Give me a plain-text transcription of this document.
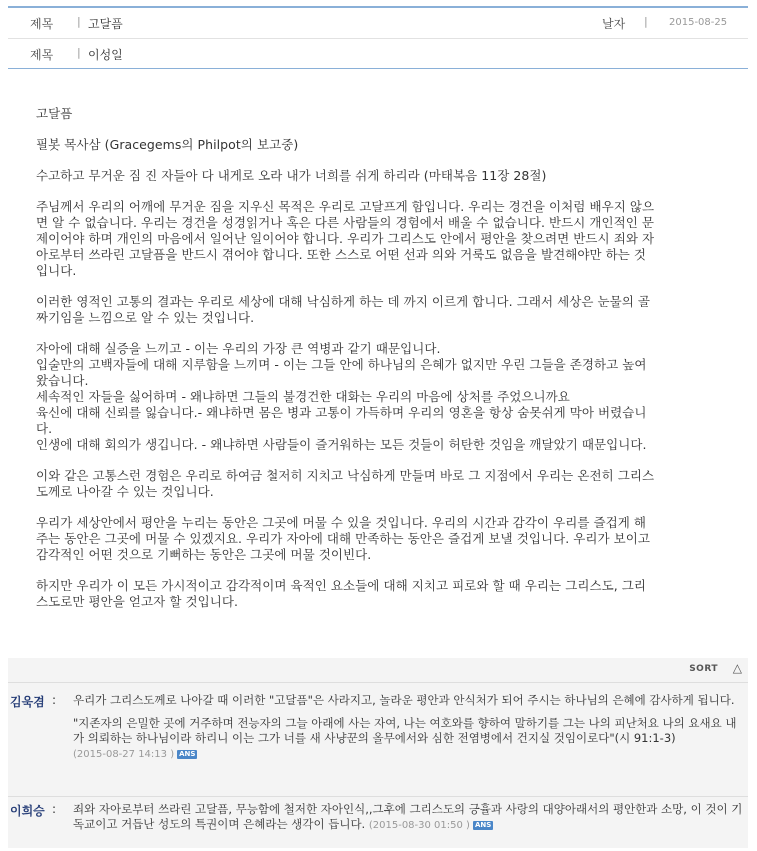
제목 | 고달픔	날자 | 2015-08-25
제목 | 이성일

고달픔

필봇 목사삼 (Gracegems의 Philpot의 보고중)

수고하고 무거운 짐 진 자들아 다 내게로 오라 내가 너희를 쉬게 하리라 (마태복음 11장 28절)

주님께서 우리의 어깨에 무거운 짐을 지우신 목적은 우리로 고달프게 함입니다. 우리는 경건을 이처럼 배우지 않으
면 알 수 없습니다. 우리는 경건을 성경읽거나 혹은 다른 사람들의 경험에서 배울 수 없습니다. 반드시 개인적인 문
제이어야 하며 개인의 마음에서 일어난 일이어야 합니다. 우리가 그리스도 안에서 평안을 찾으려면 반드시 죄와 자
아로부터 쓰라린 고달픔을 반드시 겪어야 합니다. 또한 스스로 어떤 선과 의와 거룩도 없음을 발견해야만 하는 것
입니다.

이러한 영적인 고통의 결과는 우리로 세상에 대해 낙심하게 하는 데 까지 이르게 합니다. 그래서 세상은 눈물의 골
짜기임을 느낌으로 알 수 있는 것입니다.

자아에 대해 실증을 느끼고 - 이는 우리의 가장 큰 역병과 같기 때문입니다.
입술만의 고백자들에 대해 지루함을 느끼며 - 이는 그들 안에 하나님의 은혜가 없지만 우린 그들을 존경하고 높여
왔습니다.
세속적인 자들을 싫어하며 - 왜냐하면 그들의 불경건한 대화는 우리의 마음에 상처를 주었으니까요
육신에 대해 신뢰를 잃습니다.- 왜냐하면 몸은 병과 고통이 가득하며 우리의 영혼을 항상 숨못쉬게 막아 버렸습니
다.
인생에 대해 회의가 생깁니다. - 왜냐하면 사람들이 즐거워하는 모든 것들이 허탄한 것임을 깨달았기 때문입니다.

이와 같은 고통스런 경험은 우리로 하여금 철저히 지치고 낙심하게 만들며 바로 그 지점에서 우리는 온전히 그리스
도께로 나아갈 수 있는 것입니다.

우리가 세상안에서 평안을 누리는 동안은 그곳에 머물 수 있을 것입니다. 우리의 시간과 감각이 우리를 즐겁게 해
주는 동안은 그곳에 머물 수 있겠지요. 우리가 자아에 대해 만족하는 동안은 즐겁게 보낼 것입니다. 우리가 보이고
감각적인 어떤 것으로 기뻐하는 동안은 그곳에 머물 것이빈다.

하지만 우리가 이 모든 가시적이고 감각적이며 육적인 요소들에 대해 지치고 피로와 할 때 우리는 그리스도, 그리
스도로만 평안을 얻고자 할 것입니다.

SORT △
김욱겸 : 우리가 그리스도께로 나아갈 때 이러한 "고달픔"은 사라지고, 놀라운 평안과 안식처가 되어 주시는 하나님의 은혜에 감사하게 됩니다.

"지존자의 은밀한 곳에 거주하며 전능자의 그늘 아래에 사는 자여, 나는 여호와를 향하여 말하기를 그는 나의 피난처요 나의 요새요 내가 의뢰하는 하나님이라 하리니 이는 그가 너를 새 사냥꾼의 올무에서와 심한 전염병에서 건지실 것임이로다"(시 91:1-3)

(2015-08-27 14:13 ) ANS
이희승 : 죄와 자아로부터 쓰라린 고달픔, 무능함에 철저한 자아인식,,그후에 그리스도의 긍휼과 사랑의 대양아래서의 평안한과 소망, 이 것이 기독교이고 거듭난 성도의 특권이며 은혜라는 생각이 듭니다. (2015-08-30 01:50 ) ANS
